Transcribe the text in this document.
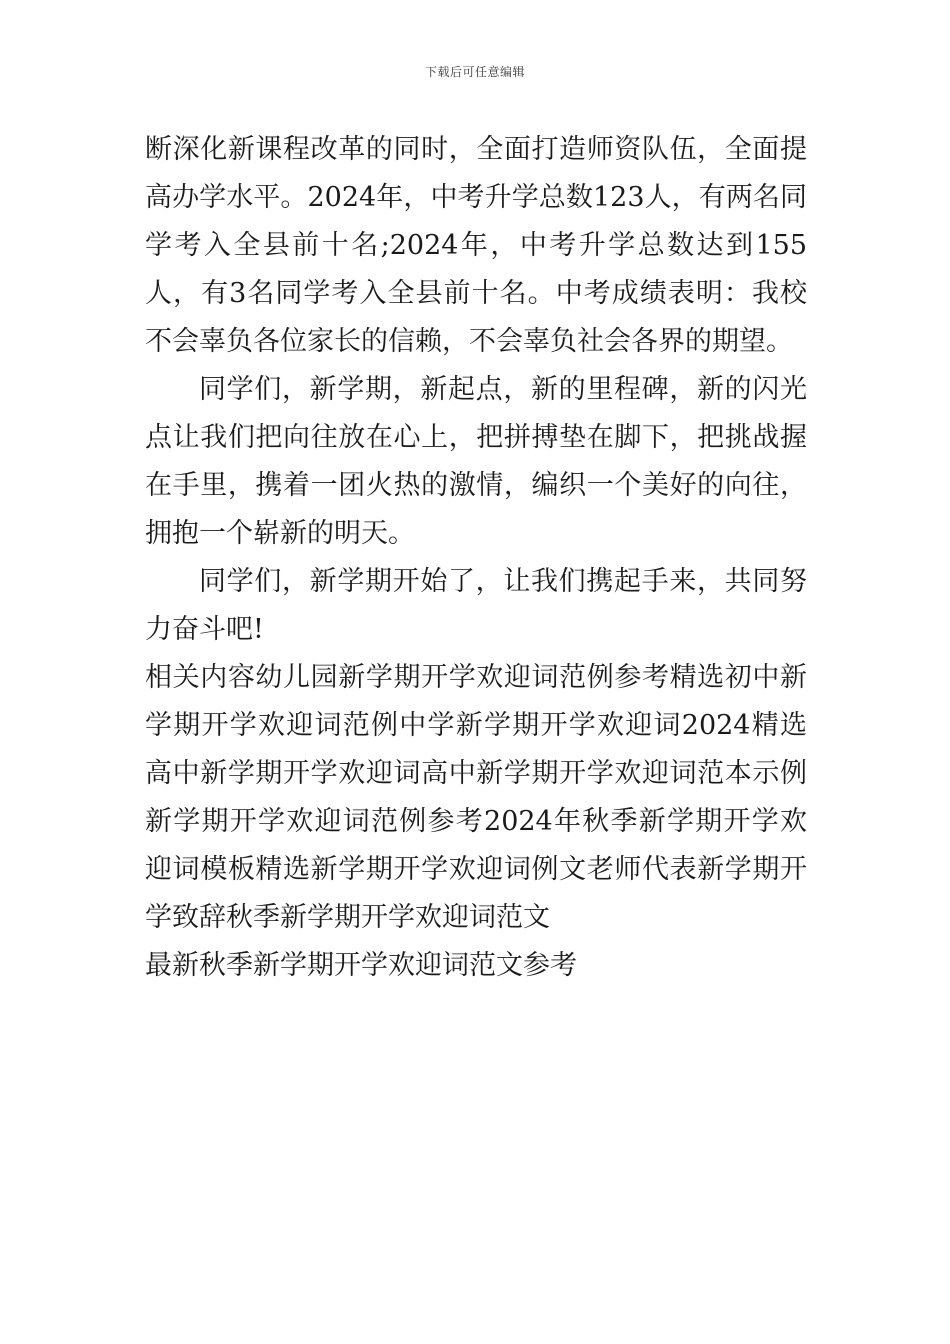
下载后可任意编辑

断深化新课程改革的同时，全面打造师资队伍，全面提高办学水平。2024年，中考升学总数123人，有两名同学考入全县前十名;2024年，中考升学总数达到155人，有3名同学考入全县前十名。中考成绩表明：我校不会辜负各位家长的信赖，不会辜负社会各界的期望。

同学们，新学期，新起点，新的里程碑，新的闪光点让我们把向往放在心上，把拼搏垫在脚下，把挑战握在手里，携着一团火热的激情，编织一个美好的向往，拥抱一个崭新的明天。

同学们，新学期开始了，让我们携起手来，共同努力奋斗吧!

相关内容幼儿园新学期开学欢迎词范例参考精选初中新学期开学欢迎词范例中学新学期开学欢迎词2024精选高中新学期开学欢迎词高中新学期开学欢迎词范本示例新学期开学欢迎词范例参考2024年秋季新学期开学欢迎词模板精选新学期开学欢迎词例文老师代表新学期开学致辞秋季新学期开学欢迎词范文

最新秋季新学期开学欢迎词范文参考
